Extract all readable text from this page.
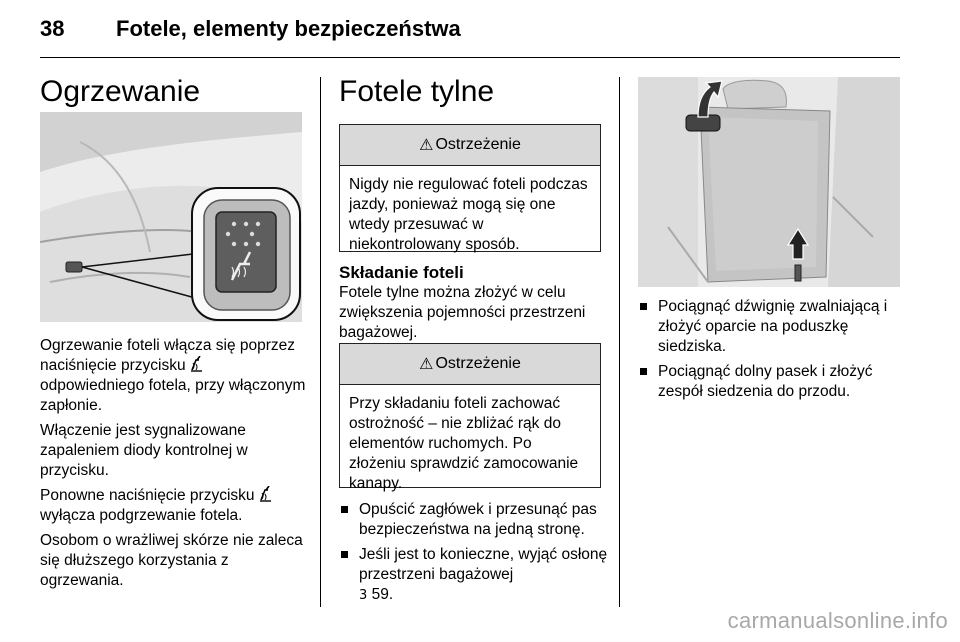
38 Fotele, elementy bezpieczeństwa
Ogrzewanie

Ogrzewanie foteli włącza się poprzez naciśnięcie przycisku  odpowiedniego fotela, przy włączonym zapłonie.

Włączenie jest sygnalizowane zapaleniem diody kontrolnej w przycisku.

Ponowne naciśnięcie przycisku  wyłącza podgrzewanie fotela.

Osobom o wrażliwej skórze nie zaleca się dłuższego korzystania z ogrzewania.

Fotele tylne
⚠ Ostrzeżenie
Nigdy nie regulować foteli podczas jazdy, ponieważ mogą się one wtedy przesuwać w niekontrolowany sposób.
Składanie foteli
Fotele tylne można złożyć w celu zwiększenia pojemności przestrzeni bagażowej.
⚠ Ostrzeżenie
Przy składaniu foteli zachować ostrożność – nie zbliżać rąk do elementów ruchomych. Po złożeniu sprawdzić zamocowanie kanapy.
Opuścić zagłówek i przesunąć pas bezpieczeństwa na jedną stronę.
Jeśli jest to konieczne, wyjąć osłonę przestrzeni bagażowej
3 59.
Pociągnąć dźwignię zwalniającą i złożyć oparcie na poduszkę siedziska.
Pociągnąć dolny pasek i złożyć zespół siedzenia do przodu.
carmanualsonline.info
